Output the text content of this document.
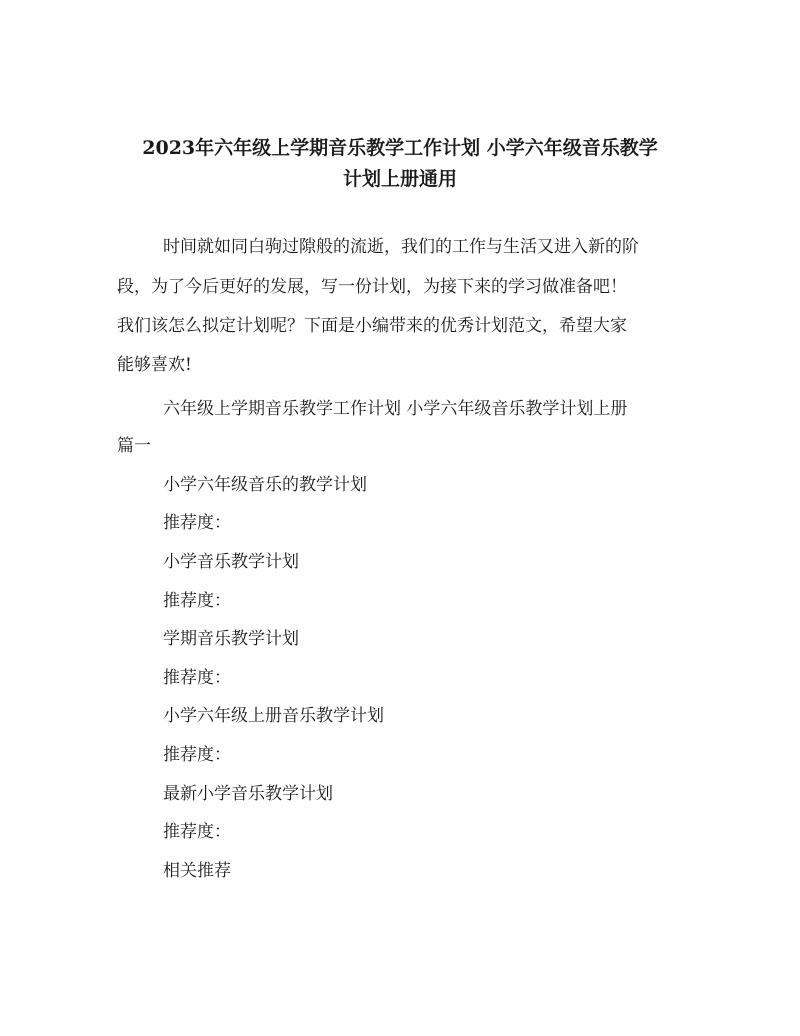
2023年六年级上学期音乐教学工作计划 小学六年级音乐教学
计划上册通用

时间就如同白驹过隙般的流逝，我们的工作与生活又进入新的阶

段，为了今后更好的发展，写一份计划，为接下来的学习做准备吧！

我们该怎么拟定计划呢？下面是小编带来的优秀计划范文，希望大家

能够喜欢!

六年级上学期音乐教学工作计划 小学六年级音乐教学计划上册

篇一

小学六年级音乐的教学计划

推荐度：

小学音乐教学计划

推荐度：

学期音乐教学计划

推荐度：

小学六年级上册音乐教学计划

推荐度：

最新小学音乐教学计划

推荐度：

相关推荐
